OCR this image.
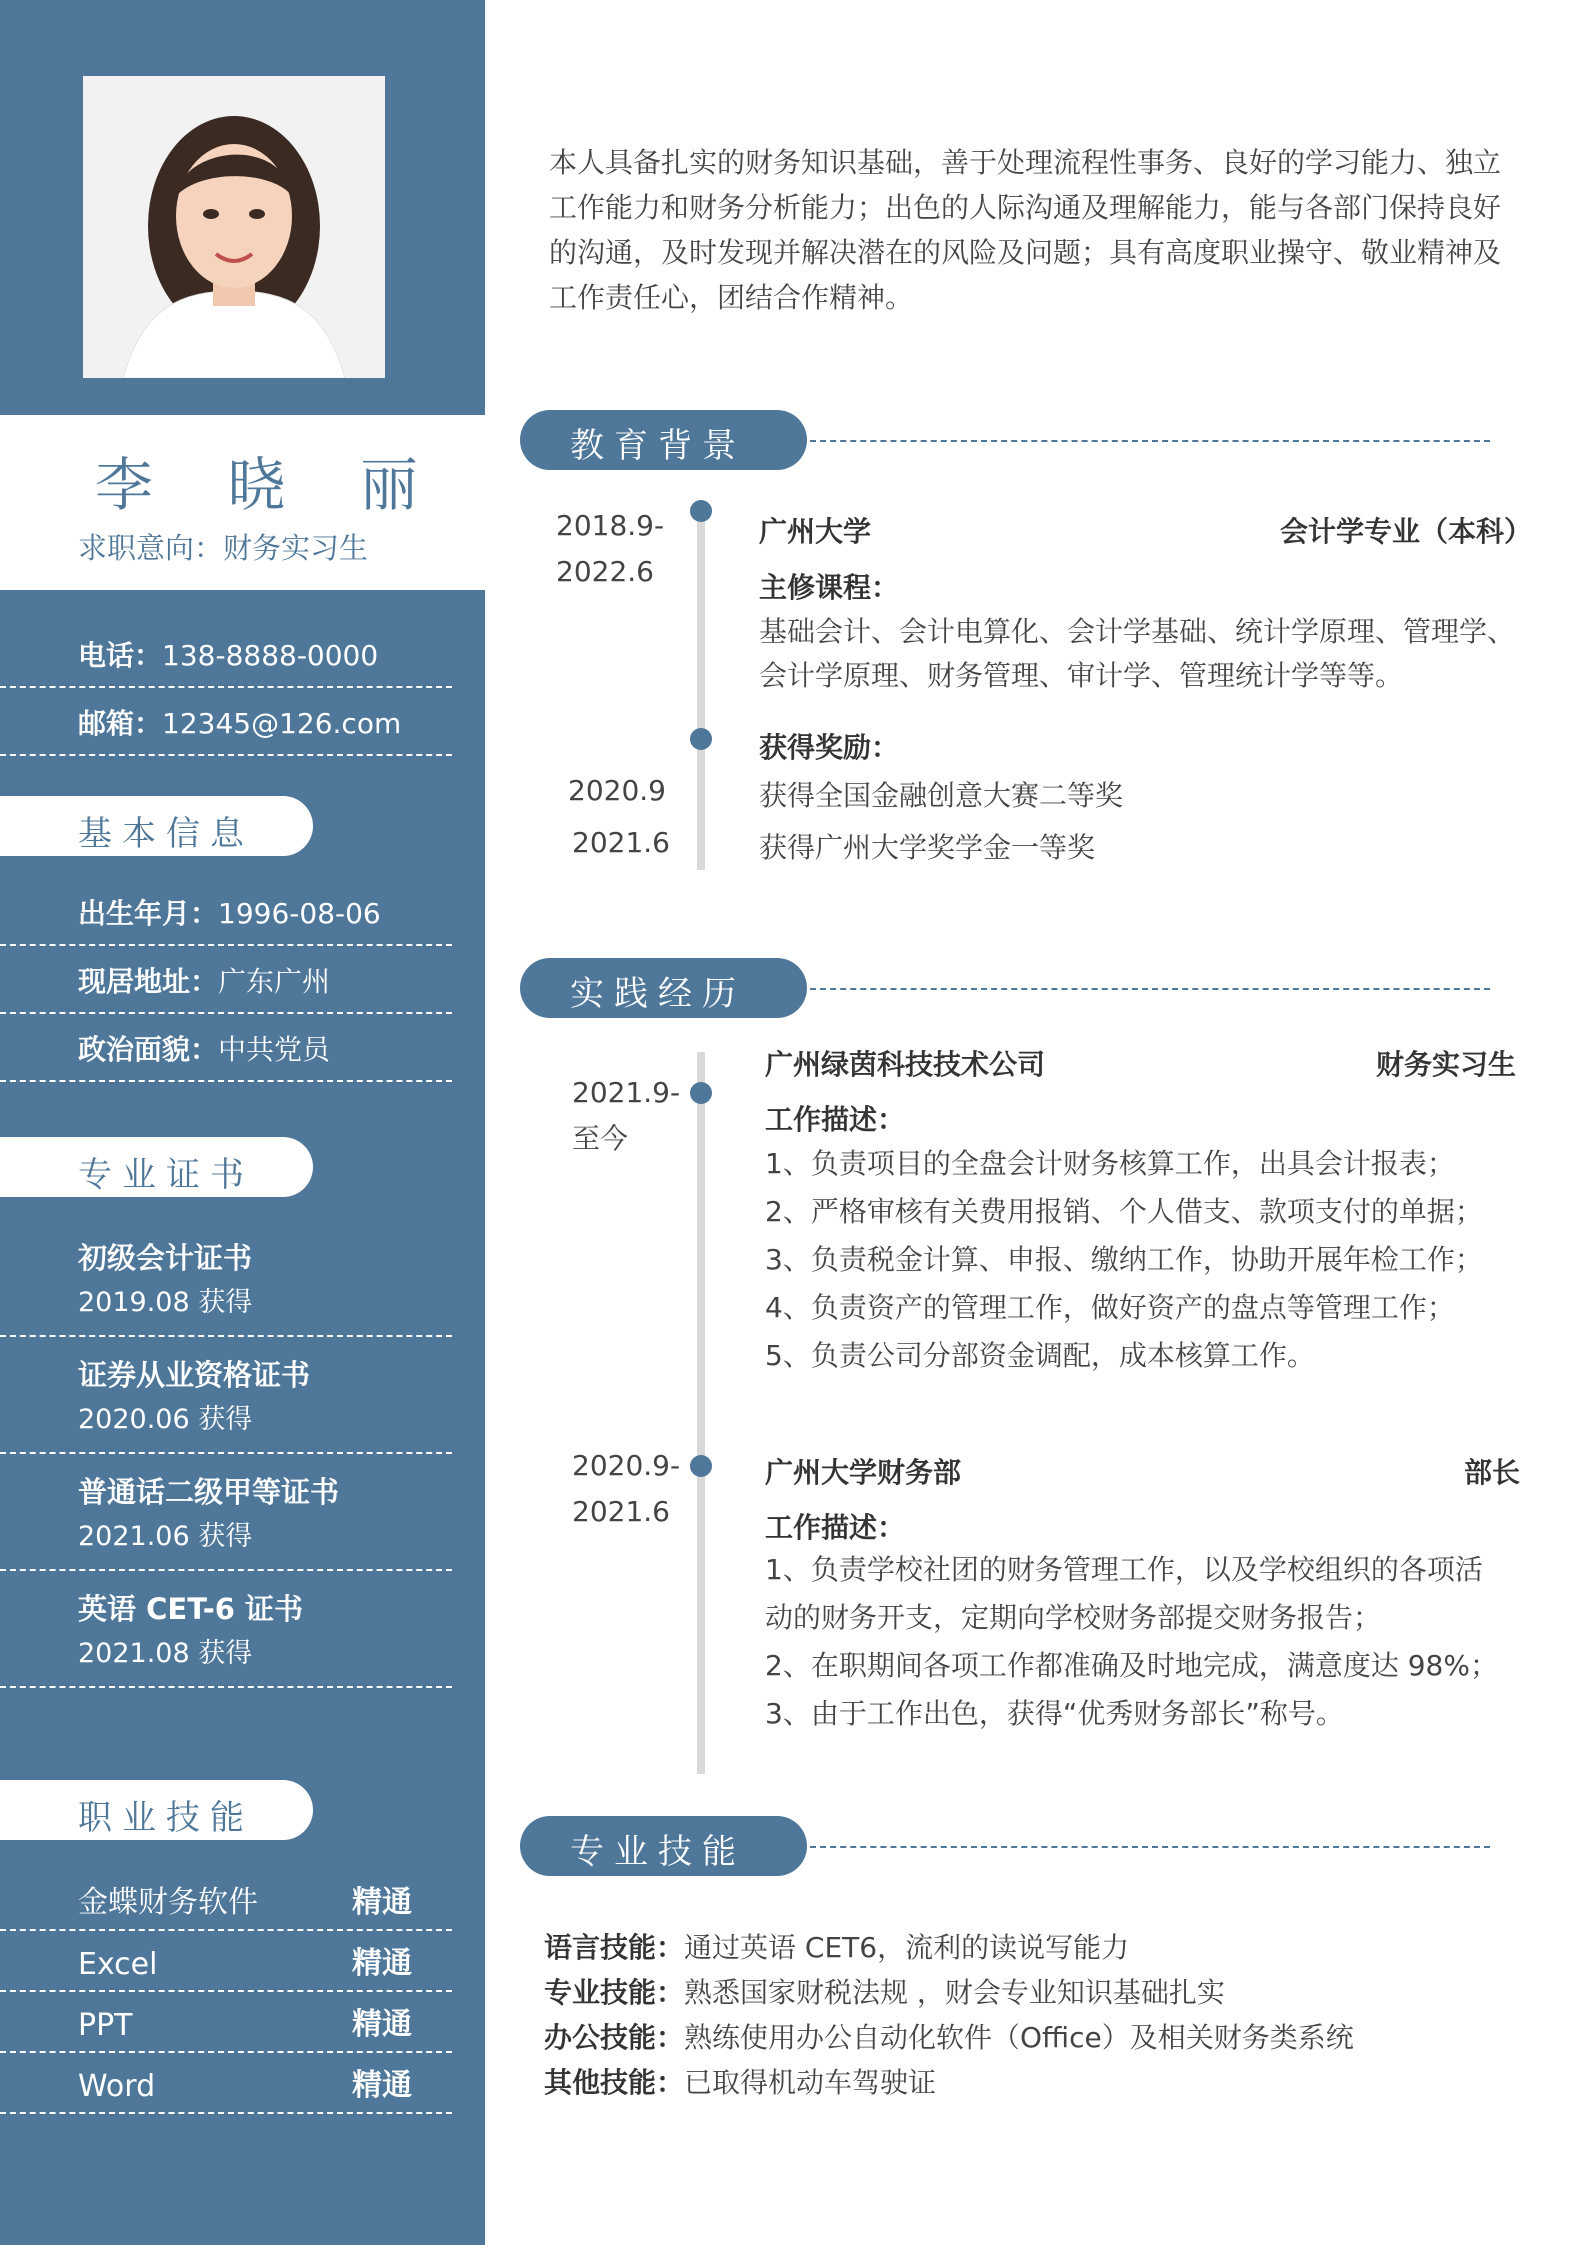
李 晓 丽
求职意向：财务实习生
电话：138-8888-0000
邮箱：12345@126.com
基本信息
出生年月：1996-08-06
现居地址：广东广州
政治面貌：中共党员
专业证书
初级会计证书
2019.08 获得
证券从业资格证书
2020.06 获得
普通话二级甲等证书
2021.06 获得
英语 CET-6 证书
2021.08 获得
职业技能
金蝶财务软件	精通
Excel	精通
PPT	精通
Word	精通
本人具备扎实的财务知识基础，善于处理流程性事务、良好的学习能力、独立工作能力和财务分析能力；出色的人际沟通及理解能力，能与各部门保持良好的沟通，及时发现并解决潜在的风险及问题；具有高度职业操守、敬业精神及工作责任心，团结合作精神。
教育背景
2018.9-
2022.6
广州大学	会计学专业（本科）
主修课程：
基础会计、会计电算化、会计学基础、统计学原理、管理学、
会计学原理、财务管理、审计学、管理统计学等等。
获得奖励：
2020.9	获得全国金融创意大赛二等奖
2021.6	获得广州大学奖学金一等奖
实践经历
2021.9-
至今
广州绿茵科技技术公司	财务实习生
工作描述：
1、负责项目的全盘会计财务核算工作，出具会计报表；
2、严格审核有关费用报销、个人借支、款项支付的单据；
3、负责税金计算、申报、缴纳工作，协助开展年检工作；
4、负责资产的管理工作，做好资产的盘点等管理工作；
5、负责公司分部资金调配，成本核算工作。
2020.9-
2021.6
广州大学财务部	部长
工作描述：
1、负责学校社团的财务管理工作，以及学校组织的各项活
动的财务开支，定期向学校财务部提交财务报告；
2、在职期间各项工作都准确及时地完成，满意度达 98%；
3、由于工作出色，获得“优秀财务部长”称号。
专业技能
语言技能：通过英语 CET6，流利的读说写能力
专业技能：熟悉国家财税法规 ，财会专业知识基础扎实
办公技能：熟练使用办公自动化软件（Office）及相关财务类系统
其他技能：已取得机动车驾驶证
